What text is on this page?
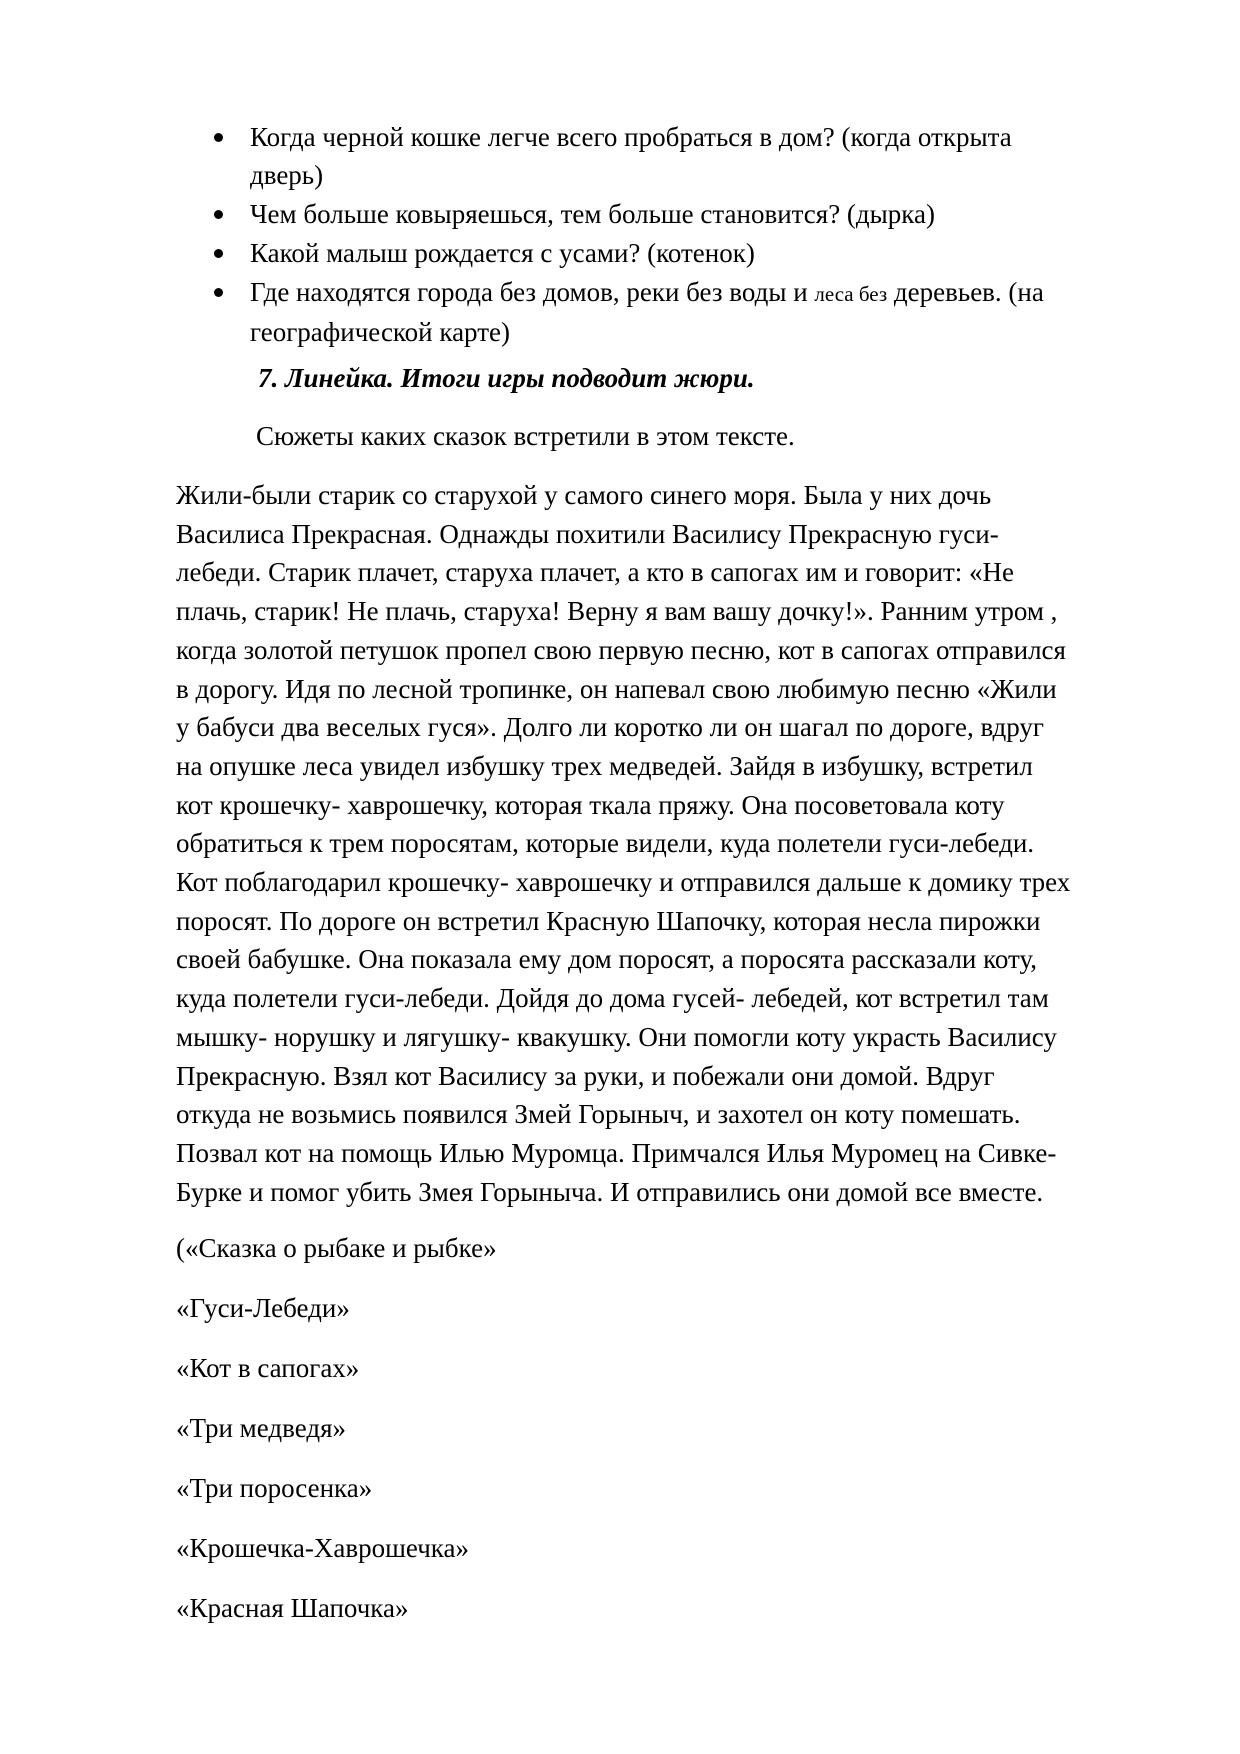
Когда черной кошке легче всего пробраться в дом? (когда открыта
дверь)
Чем больше ковыряешься, тем больше становится? (дырка)
Какой малыш рождается с усами? (котенок)
Где находятся города без домов, реки без воды и леса без деревьев. (на
географической карте)
7. Линейка. Итоги игры подводит жюри.
Сюжеты каких сказок встретили в этом тексте.
Жили-были старик со старухой у самого синего моря. Была у них дочь
Василиса Прекрасная. Однажды похитили Василису Прекрасную гуси-
лебеди. Старик плачет, старуха плачет, а кто в сапогах им и говорит: «Не
плачь, старик! Не плачь, старуха! Верну я вам вашу дочку!». Ранним утром ,
когда золотой петушок пропел свою первую песню, кот в сапогах отправился
в дорогу. Идя по лесной тропинке, он напевал свою любимую песню «Жили
у бабуси два веселых гуся». Долго ли коротко ли он шагал по дороге, вдруг
на опушке леса увидел избушку трех медведей. Зайдя в избушку, встретил
кот крошечку- хаврошечку, которая ткала пряжу. Она посоветовала коту
обратиться к трем поросятам, которые видели, куда полетели гуси-лебеди.
Кот поблагодарил крошечку- хаврошечку и отправился дальше к домику трех
поросят. По дороге он встретил Красную Шапочку, которая несла пирожки
своей бабушке. Она показала ему дом поросят, а поросята рассказали коту,
куда полетели гуси-лебеди. Дойдя до дома гусей- лебедей, кот встретил там
мышку- норушку и лягушку- квакушку. Они помогли коту украсть Василису
Прекрасную. Взял кот Василису за руки, и побежали они домой. Вдруг
откуда не возьмись появился Змей Горыныч, и захотел он коту помешать.
Позвал кот на помощь Илью Муромца. Примчался Илья Муромец на Сивке-
Бурке и помог убить Змея Горыныча. И отправились они домой все вместе.
(«Сказка о рыбаке и рыбке»
«Гуси-Лебеди»
«Кот в сапогах»
«Три медведя»
«Три поросенка»
«Крошечка-Хаврошечка»
«Красная Шапочка»
